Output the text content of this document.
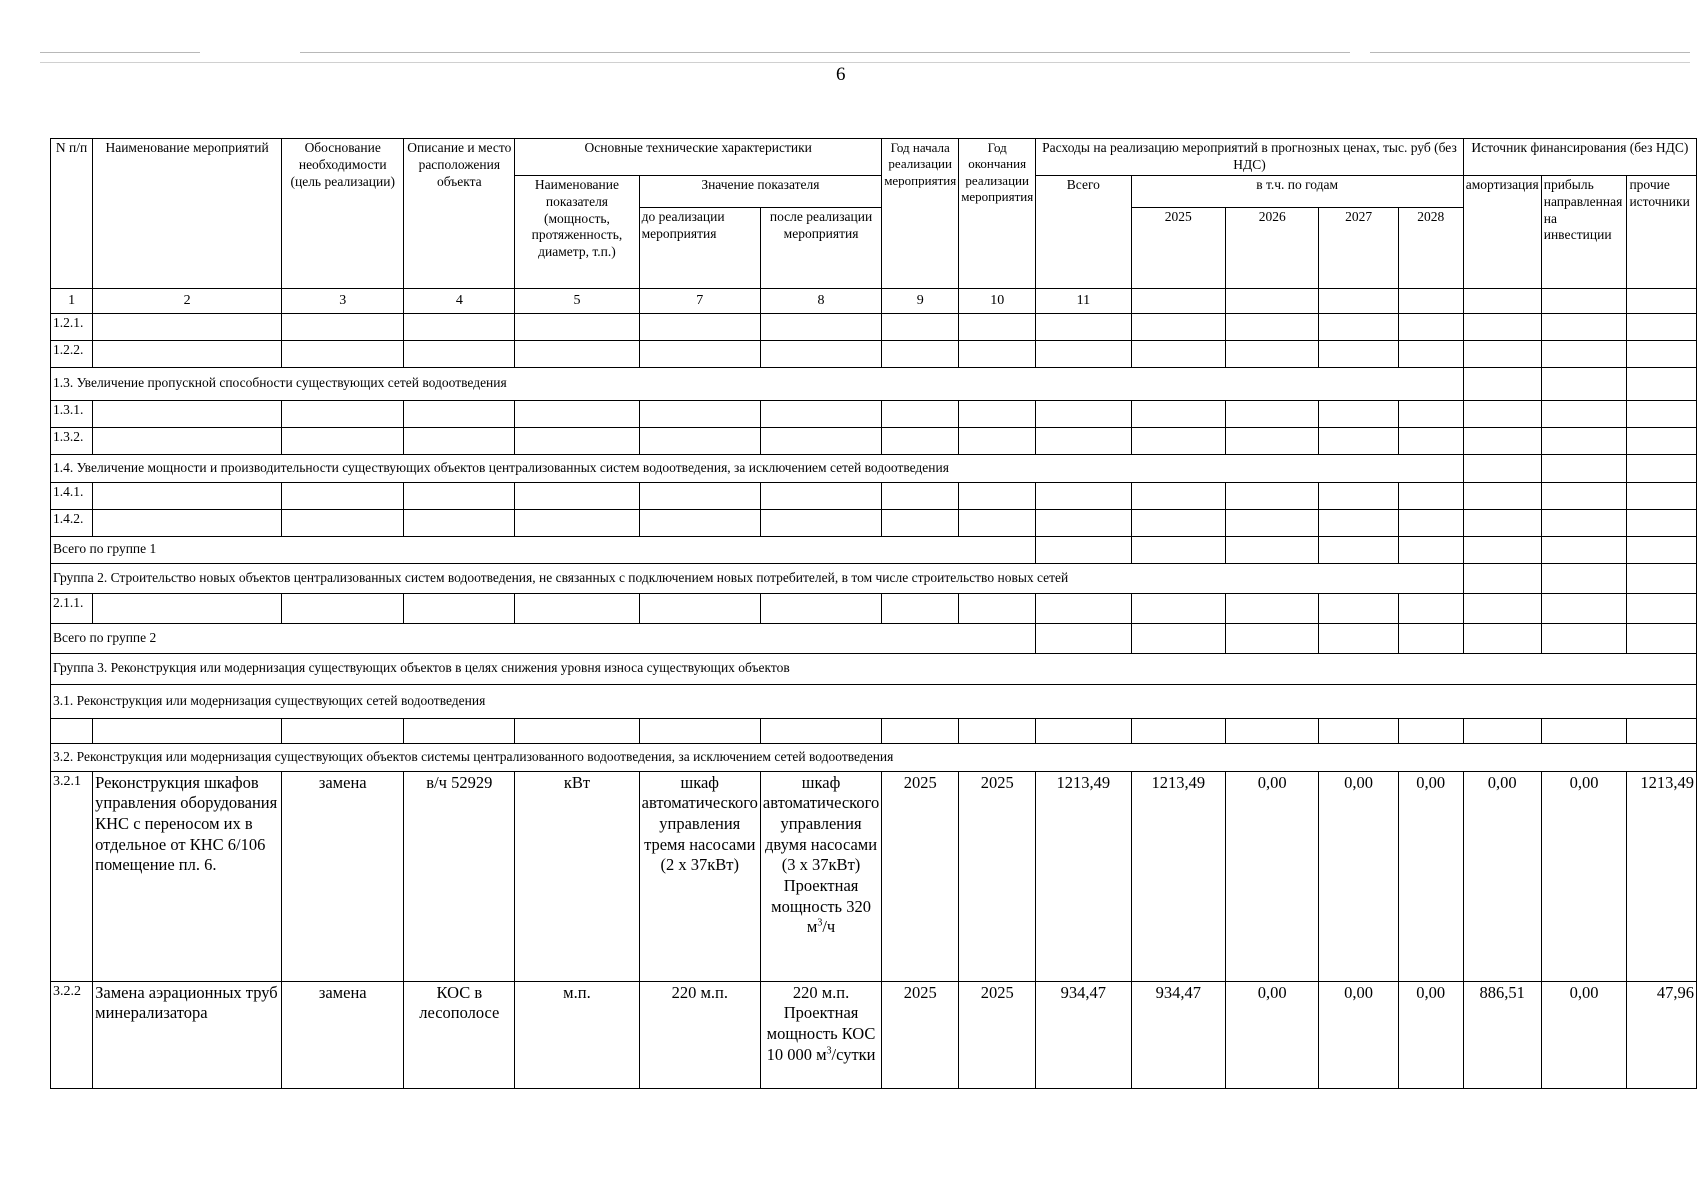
6
N п/п	Наименование мероприятий	Обоснование необходимости (цель реализации)	Описание и место расположения объекта	Основные технические характеристики			Год начала реализации мероприятия	Год окончания реализации мероприятия	Расходы на реализацию мероприятий в прогнозных ценах, тыс. руб (без НДС)					Источник финансирования (без НДС)		
				Наименование показателя (мощность, протяженность, диаметр, т.п.)	Значение показателя				Всего	в т.ч. по годам				амортизация	прибыль направленная на инвестиции	прочие источники
					до реализации мероприятия	после реализации мероприятия				2025	2026	2027	2028			
1	2	3	4	5	7	8	9	10	11							
1.2.1.																
1.2.2.																
1.3. Увеличение пропускной способности существующих сетей водоотведения																
1.3.1.																
1.3.2.																
1.4. Увеличение мощности и производительности существующих объектов централизованных систем водоотведения, за исключением сетей водоотведения																
1.4.1.																
1.4.2.																
Всего по группе 1																
Группа 2. Строительство новых объектов централизованных систем водоотведения, не связанных с подключением новых потребителей, в том числе строительство новых сетей																
2.1.1.																
Всего по группе 2																
Группа 3. Реконструкция или модернизация существующих объектов в целях снижения уровня износа существующих объектов																
3.1. Реконструкция или модернизация существующих сетей водоотведения																

3.2. Реконструкция или модернизация существующих объектов системы централизованного водоотведения, за исключением сетей водоотведения																
3.2.1	Реконструкция шкафов управления оборудования КНС с переносом их в отдельное от КНС 6/106 помещение пл. 6.	замена	в/ч 52929	кВт	шкаф автоматического управления тремя насосами (2 х 37кВт)	шкаф автоматического управления двумя насосами (3 х 37кВт) Проектная мощность 320 $м^3/ч$	2025	2025	1213,49	1213,49	0,00	0,00	0,00	0,00	0,00	1213,49
3.2.2	Замена аэрационных труб минерализатора	замена	КОС в лесополосе	м.п.	220 м.п.	220 м.п. Проектная мощность КОС 10 000 $м^3$/сутки	2025	2025	934,47	934,47	0,00	0,00	0,00	886,51	0,00	47,96
